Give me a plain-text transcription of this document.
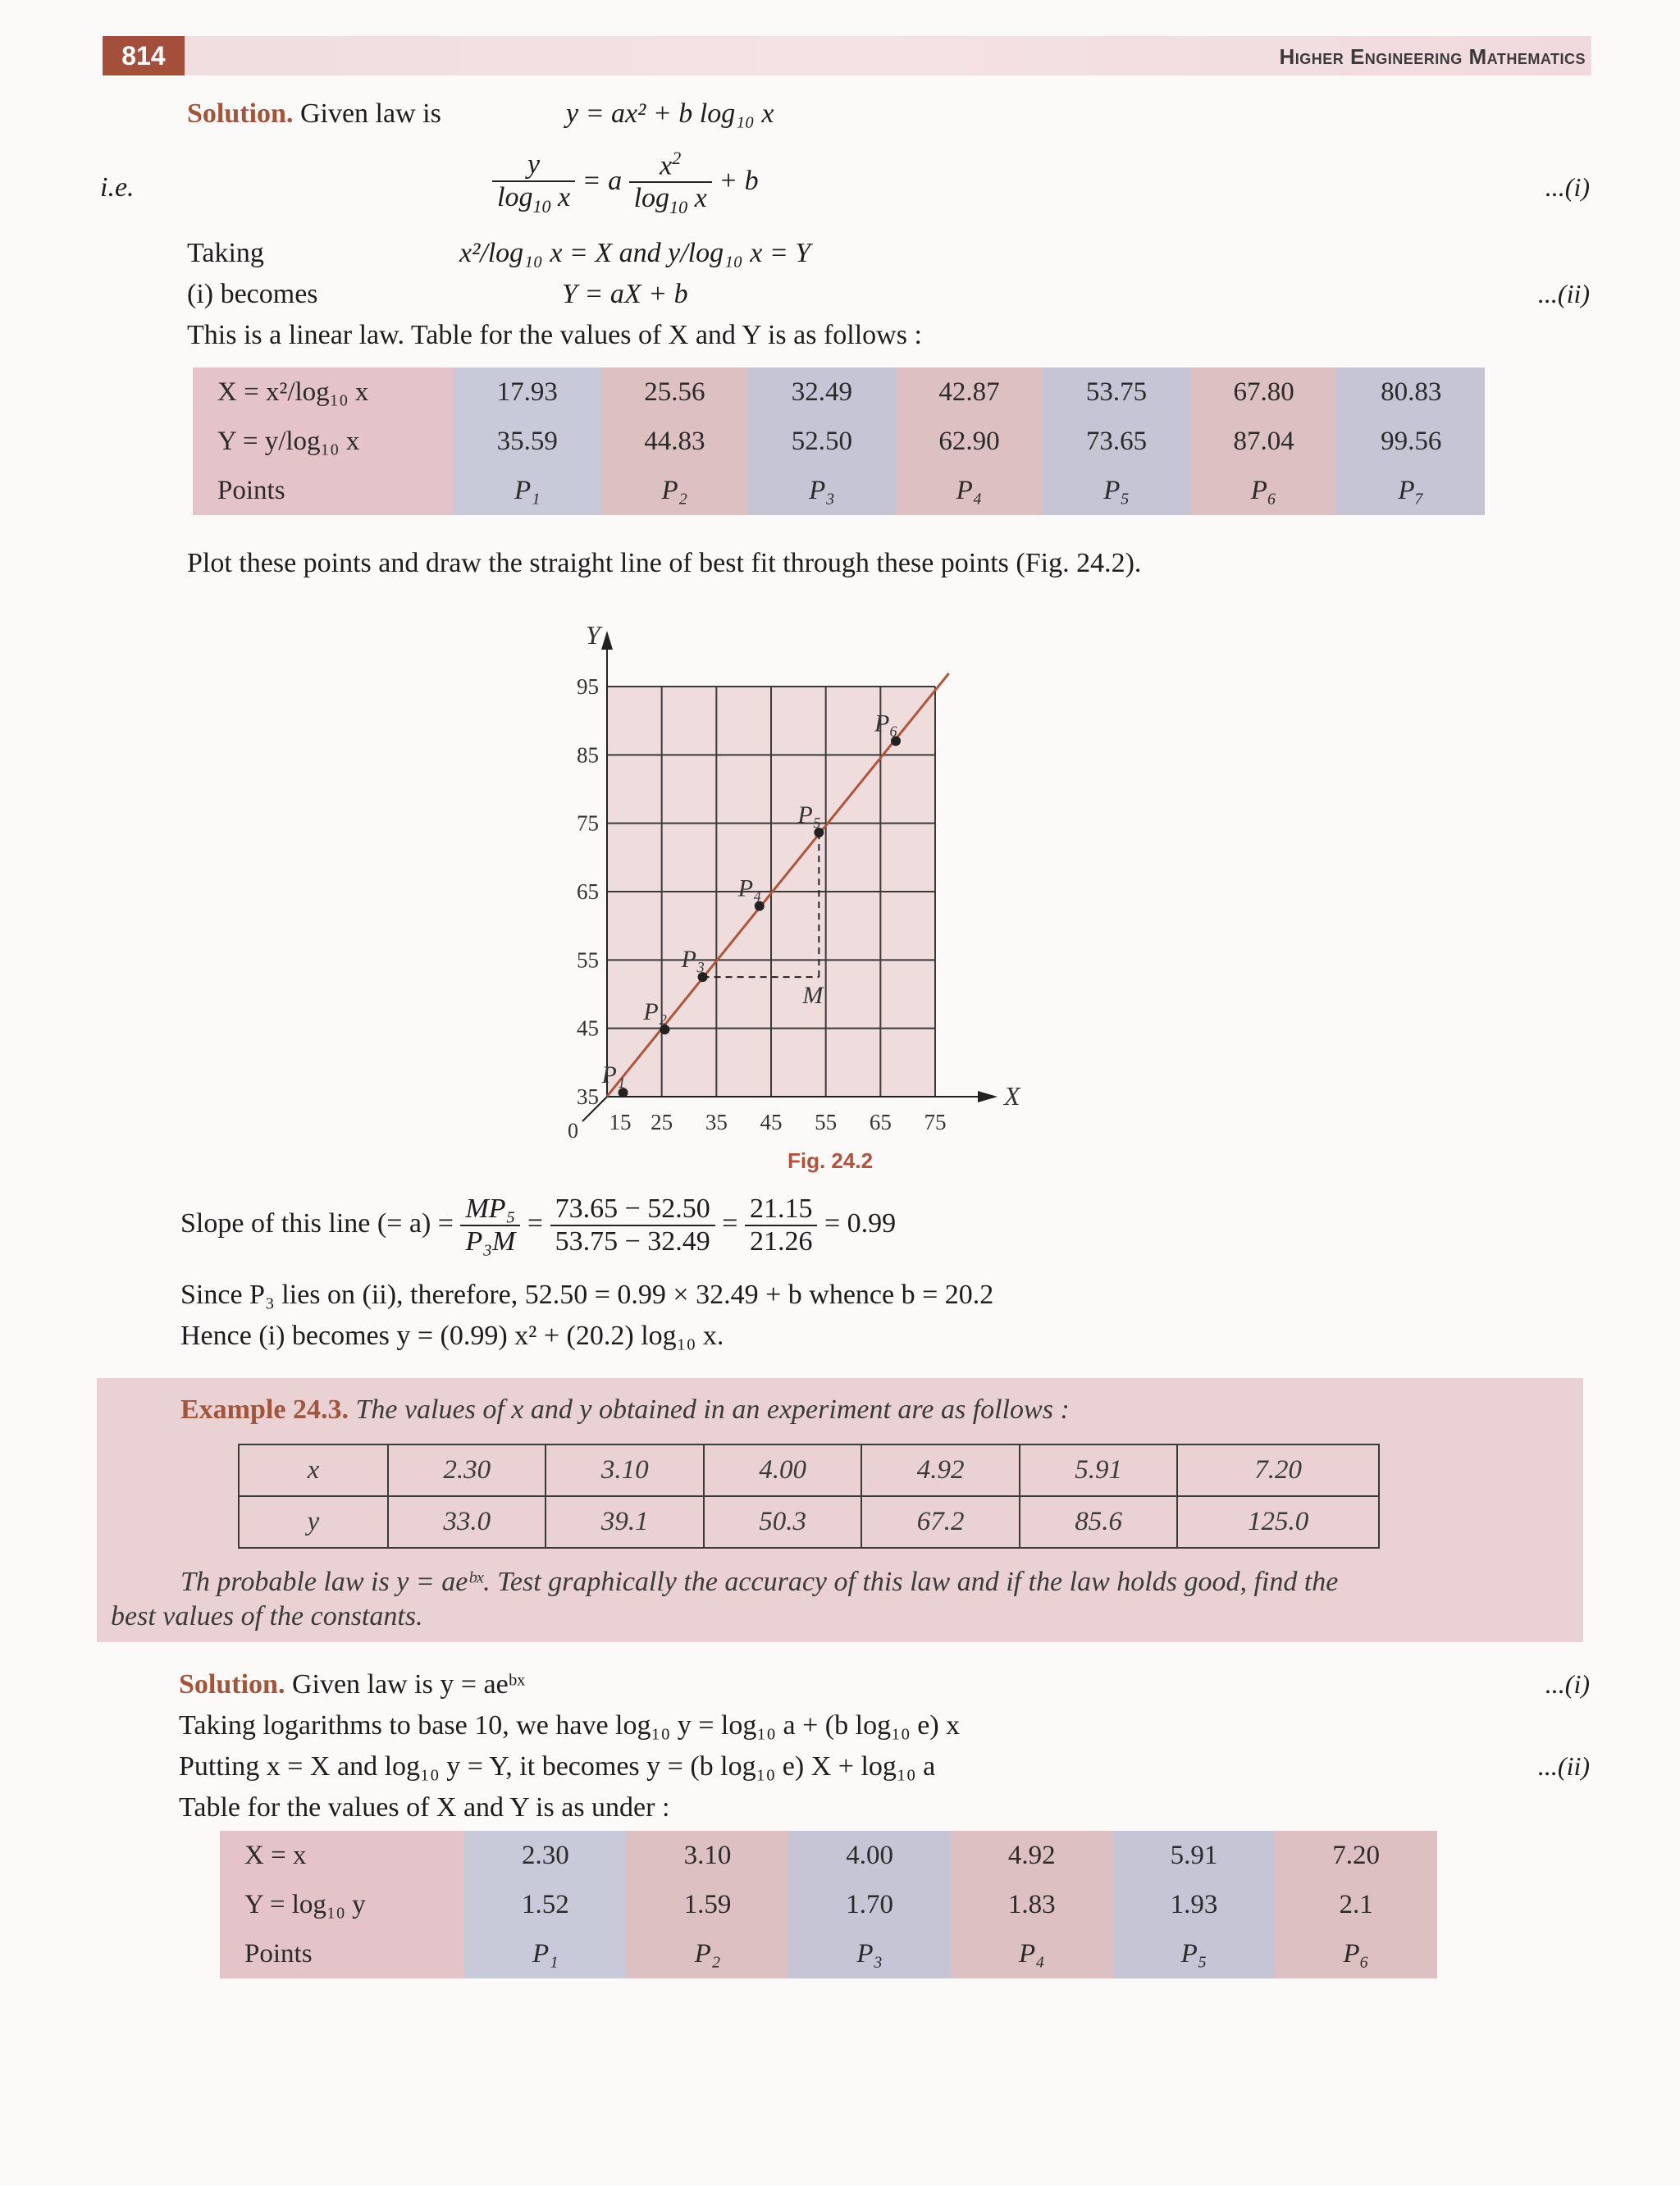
814	Higher Engineering Mathematics
Solution. Given law is	y = ax² + b log₁₀ x
i.e.	$\frac{y}{\log_{10} x} = a \frac{x^2}{\log_{10} x} + b$	...(i)
Taking	x²/log₁₀ x = X and y/log₁₀ x = Y
(i) becomes	Y = aX + b	...(ii)
This is a linear law. Table for the values of X and Y is as follows :
X = x²/log₁₀ x	17.93	25.56	32.49	42.87	53.75	67.80	80.83
Y = y/log₁₀ x	35.59	44.83	52.50	62.90	73.65	87.04	99.56
Points	P₁	P₂	P₃	P₄	P₅	P₆	P₇
Plot these points and draw the straight line of best fit through these points (Fig. 24.2).
Y
X
0
M
P₁
P₂
P₃
P₄
P₅
P₆
15 25 35 45 55 65 75
35
45
55
65
75
85
95
Fig. 24.2
Slope of this line (= $a) = \frac{\text{MP₅}}{\text{P₃M}} = \frac{73.65 - 52.50}{53.75 - 32.49} = \frac{21.15}{21.26} = 0.99$
Since P₃ lies on (ii), therefore, 52.50 = 0.99 × 32.49 + b whence b = 20.2
Hence (i) becomes y = (0.99) x² + (20.2) log₁₀ x.
Example 24.3. The values of x and y obtained in an experiment are as follows :
x	2.30	3.10	4.00	4.92	5.91	7.20
y	33.0	39.1	50.3	67.2	85.6	125.0
Th probable law is y = aeᵇˣ. Test graphically the accuracy of this law and if the law holds good, find the
best values of the constants.
Solution. Given law is y = aeᵇˣ	...(i)
Taking logarithms to base 10, we have log₁₀ y = log₁₀ a + (b log₁₀ e) x
Putting x = X and log₁₀ y = Y, it becomes y = (b log₁₀ e) X + log₁₀ a	...(ii)
Table for the values of X and Y is as under :
X = x	2.30	3.10	4.00	4.92	5.91	7.20
Y = log₁₀ y	1.52	1.59	1.70	1.83	1.93	2.1
Points	P₁	P₂	P₃	P₄	P₅	P₆
